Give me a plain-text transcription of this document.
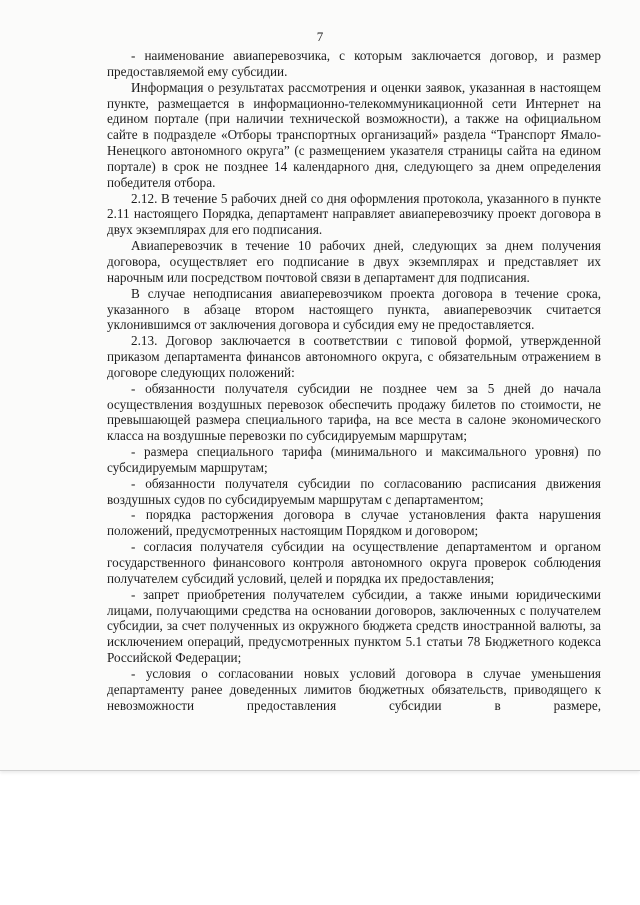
7

- наименование авиаперевозчика, с которым заключается договор, и размер предоставляемой ему субсидии.

Информация о результатах рассмотрения и оценки заявок, указанная в настоящем пункте, размещается в информационно-телекоммуникационной сети Интернет на едином портале (при наличии технической возможности), а также на официальном сайте в подразделе «Отборы транспортных организаций» раздела “Транспорт Ямало-Ненецкого автономного округа” (с размещением указателя страницы сайта на едином портале) в срок не позднее 14 календарного дня, следующего за днем определения победителя отбора.

2.12. В течение 5 рабочих дней со дня оформления протокола, указанного в пункте 2.11 настоящего Порядка, департамент направляет авиаперевозчику проект договора в двух экземплярах для его подписания.

Авиаперевозчик в течение 10 рабочих дней, следующих за днем получения договора, осуществляет его подписание в двух экземплярах и представляет их нарочным или посредством почтовой связи в департамент для подписания.

В случае неподписания авиаперевозчиком проекта договора в течение срока, указанного в абзаце втором настоящего пункта, авиаперевозчик считается уклонившимся от заключения договора и субсидия ему не предоставляется.

2.13. Договор заключается в соответствии с типовой формой, утвержденной приказом департамента финансов автономного округа, с обязательным отражением в договоре следующих положений:

- обязанности получателя субсидии не позднее чем за 5 дней до начала осуществления воздушных перевозок обеспечить продажу билетов по стоимости, не превышающей размера специального тарифа, на все места в салоне экономического класса на воздушные перевозки по субсидируемым маршрутам;

- размера специального тарифа (минимального и максимального уровня) по субсидируемым маршрутам;

- обязанности получателя субсидии по согласованию расписания движения воздушных судов по субсидируемым маршрутам с департаментом;

- порядка расторжения договора в случае установления факта нарушения положений, предусмотренных настоящим Порядком и договором;

- согласия получателя субсидии на осуществление департаментом и органом государственного финансового контроля автономного округа проверок соблюдения получателем субсидий условий, целей и порядка их предоставления;

- запрет приобретения получателем субсидии, а также иными юридическими лицами, получающими средства на основании договоров, заключенных с получателем субсидии, за счет полученных из окружного бюджета средств иностранной валюты, за исключением операций, предусмотренных пунктом 5.1 статьи 78 Бюджетного кодекса Российской Федерации;

- условия о согласовании новых условий договора в случае уменьшения департаменту ранее доведенных лимитов бюджетных обязательств, приводящего к невозможности предоставления субсидии в размере,
